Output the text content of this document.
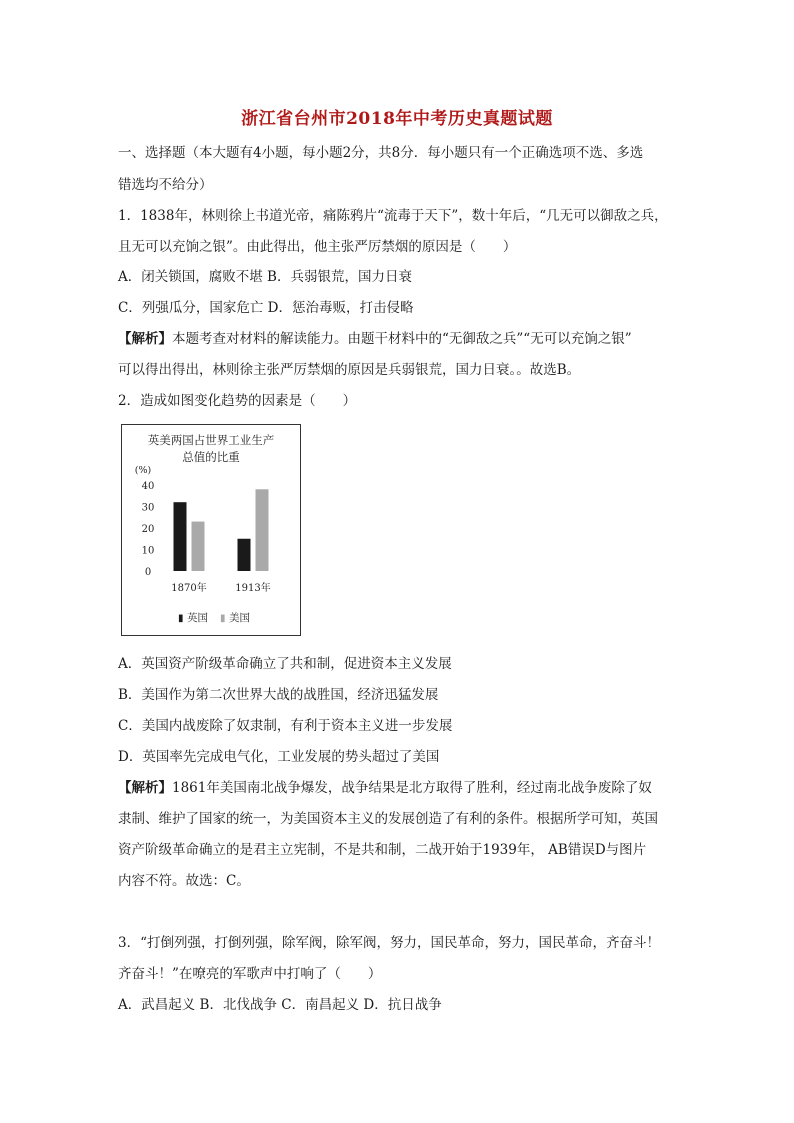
浙江省台州市2018年中考历史真题试题
一、选择题（本大题有4小题，每小题2分，共8分．每小题只有一个正确选项不选、多选
错选均不给分）
1．1838年，林则徐上书道光帝，痛陈鸦片“流毒于天下”，数十年后，“几无可以御敌之兵，
且无可以充饷之银”。由此得出，他主张严厉禁烟的原因是（　　）
A．闭关锁国，腐败不堪 B．兵弱银荒，国力日衰
C．列强瓜分，国家危亡 D．惩治毒贩，打击侵略
【解析】本题考查对材料的解读能力。由题干材料中的“无御敌之兵”“无可以充饷之银”
可以得出得出，林则徐主张严厉禁烟的原因是兵弱银荒，国力日衰。。故选B。
2．造成如图变化趋势的因素是（　　）
英美两国占世界工业生产
总值的比重
(%)
0
10
20
30
40
1870年	1913年
▮ 英国 ▮ 美国
A．英国资产阶级革命确立了共和制，促进资本主义发展
B．美国作为第二次世界大战的战胜国，经济迅猛发展
C．美国内战废除了奴隶制，有利于资本主义进一步发展
D．英国率先完成电气化，工业发展的势头超过了美国
【解析】1861年美国南北战争爆发，战争结果是北方取得了胜利，经过南北战争废除了奴
隶制、维护了国家的统一，为美国资本主义的发展创造了有利的条件。根据所学可知，英国
资产阶级革命确立的是君主立宪制，不是共和制，二战开始于1939年， AB错误D与图片
内容不符。故选：C。
3．“打倒列强，打倒列强，除军阀，除军阀，努力，国民革命，努力，国民革命，齐奋斗！
齐奋斗！”在嘹亮的军歌声中打响了（　　）
A．武昌起义 B．北伐战争 C．南昌起义 D．抗日战争
